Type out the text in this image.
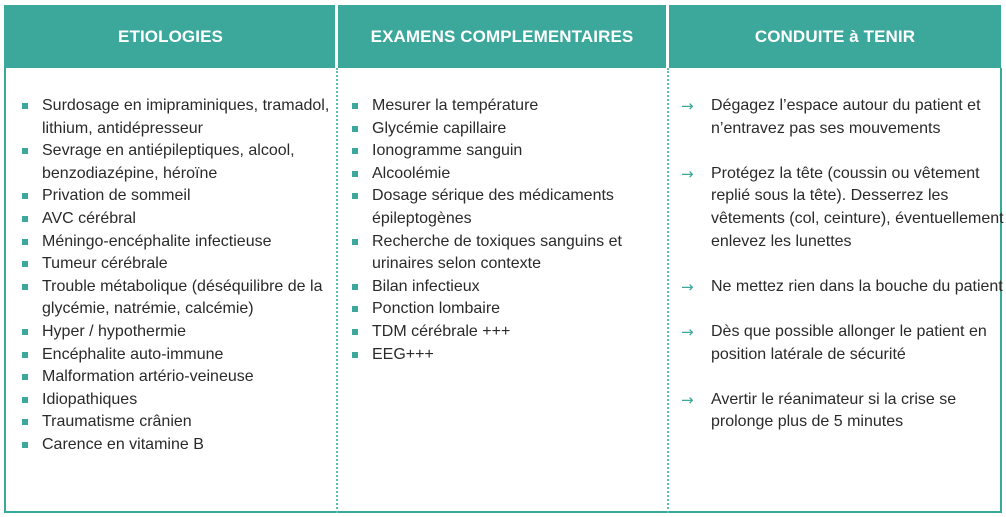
ETIOLOGIES	EXAMENS COMPLEMENTAIRES	CONDUITE à TENIR
Surdosage en imipraminiques, tramadol, lithium, antidépresseur
Sevrage en antiépileptiques, alcool, benzodiazépine, héroïne
Privation de sommeil
AVC cérébral
Méningo-encéphalite infectieuse
Tumeur cérébrale
Trouble métabolique (déséquilibre de la glycémie, natrémie, calcémie)
Hyper / hypothermie
Encéphalite auto-immune
Malformation artério-veineuse
Idiopathiques
Traumatisme crânien
Carence en vitamine B
Mesurer la température
Glycémie capillaire
Ionogramme sanguin
Alcoolémie
Dosage sérique des médicaments épileptogènes
Recherche de toxiques sanguins et urinaires selon contexte
Bilan infectieux
Ponction lombaire
TDM cérébrale +++
EEG+++
→ Dégagez l’espace autour du patient et n’entravez pas ses mouvements
→ Protégez la tête (coussin ou vêtement replié sous la tête). Desserrez les vêtements (col, ceinture), éventuellement enlevez les lunettes
→ Ne mettez rien dans la bouche du patient
→ Dès que possible allonger le patient en position latérale de sécurité
→ Avertir le réanimateur si la crise se prolonge plus de 5 minutes
